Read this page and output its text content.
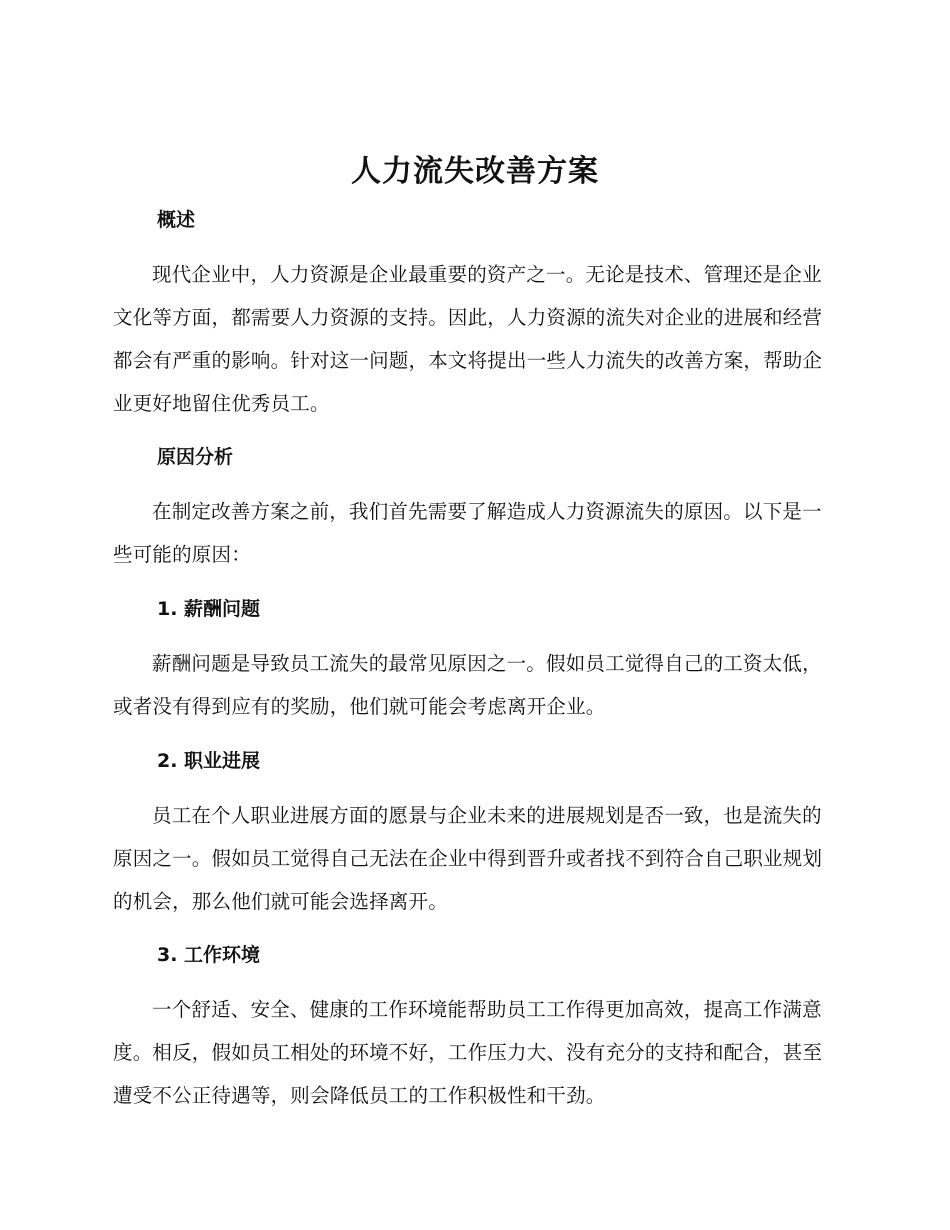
人力流失改善方案
概述

现代企业中，人力资源是企业最重要的资产之一。无论是技术、管理还是企业文化等方面，都需要人力资源的支持。因此，人力资源的流失对企业的进展和经营都会有严重的影响。针对这一问题，本文将提出一些人力流失的改善方案，帮助企业更好地留住优秀员工。

原因分析

在制定改善方案之前，我们首先需要了解造成人力资源流失的原因。以下是一些可能的原因：

1. 薪酬问题

薪酬问题是导致员工流失的最常见原因之一。假如员工觉得自己的工资太低，或者没有得到应有的奖励，他们就可能会考虑离开企业。

2. 职业进展

员工在个人职业进展方面的愿景与企业未来的进展规划是否一致，也是流失的原因之一。假如员工觉得自己无法在企业中得到晋升或者找不到符合自己职业规划的机会，那么他们就可能会选择离开。

3. 工作环境

一个舒适、安全、健康的工作环境能帮助员工工作得更加高效，提高工作满意度。相反，假如员工相处的环境不好，工作压力大、没有充分的支持和配合，甚至遭受不公正待遇等，则会降低员工的工作积极性和干劲。
